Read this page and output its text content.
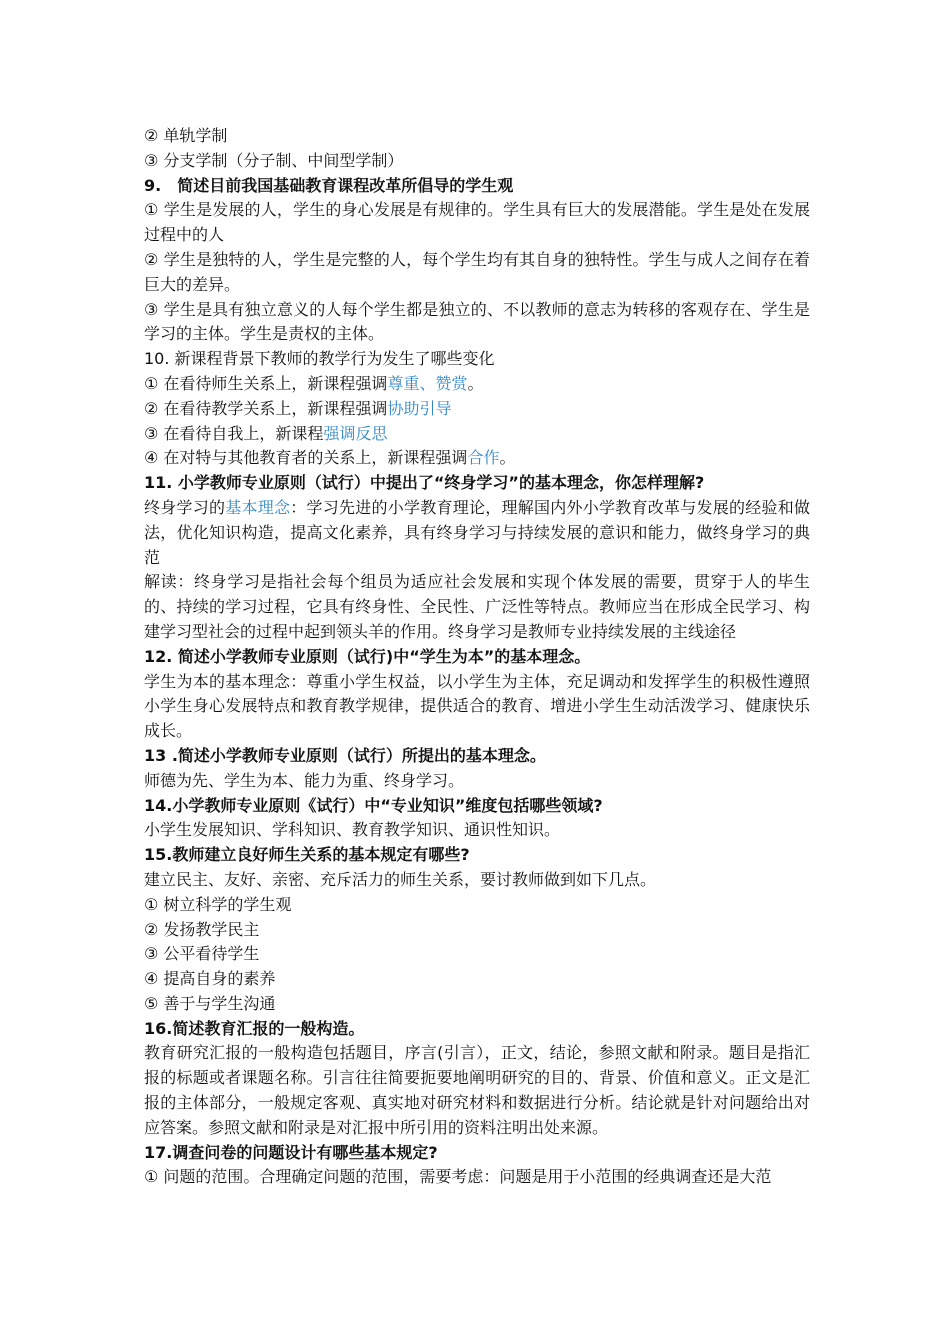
② 单轨学制

③ 分支学制（分子制、中间型学制）

9.　简述目前我国基础教育课程改革所倡导的学生观

① 学生是发展的人，学生的身心发展是有规律的。学生具有巨大的发展潜能。学生是处在发展过程中的人

② 学生是独特的人，学生是完整的人，每个学生均有其自身的独特性。学生与成人之间存在着巨大的差异。

③ 学生是具有独立意义的人每个学生都是独立的、不以教师的意志为转移的客观存在、学生是学习的主体。学生是责权的主体。

10. 新课程背景下教师的教学行为发生了哪些变化

① 在看待师生关系上，新课程强调尊重、赞赏。

② 在看待教学关系上，新课程强调协助引导

③ 在看待自我上，新课程强调反思

④ 在对特与其他教育者的关系上，新课程强调合作。

11. 小学教师专业原则（试行）中提出了“终身学习”的基本理念，你怎样理解?

终身学习的基本理念：学习先进的小学教育理论，理解国内外小学教育改革与发展的经验和做法，优化知识构造，提高文化素养，具有终身学习与持续发展的意识和能力，做终身学习的典范

解读：终身学习是指社会每个组员为适应社会发展和实现个体发展的需要，贯穿于人的毕生的、持续的学习过程，它具有终身性、全民性、广泛性等特点。教师应当在形成全民学习、构建学习型社会的过程中起到领头羊的作用。终身学习是教师专业持续发展的主线途径

12. 简述小学教师专业原则（试行)中“学生为本”的基本理念。

学生为本的基本理念：尊重小学生权益，以小学生为主体，充足调动和发挥学生的积极性遵照小学生身心发展特点和教育教学规律，提供适合的教育、增进小学生生动活泼学习、健康快乐成长。

13 .简述小学教师专业原则（试行）所提出的基本理念。

师德为先、学生为本、能力为重、终身学习。

14.小学教师专业原则《试行）中“专业知识”维度包括哪些领域?

小学生发展知识、学科知识、教育教学知识、通识性知识。

15.教师建立良好师生关系的基本规定有哪些?

建立民主、友好、亲密、充斥活力的师生关系，要讨教师做到如下几点。

① 树立科学的学生观

② 发扬教学民主

③ 公平看待学生

④ 提高自身的素养

⑤ 善于与学生沟通

16.简述教育汇报的一般构造。

教育研究汇报的一般构造包括题目，序言(引言），正文，结论，参照文献和附录。题目是指汇报的标题或者课题名称。引言往往简要扼要地阐明研究的目的、背景、价值和意义。正文是汇报的主体部分，一般规定客观、真实地对研究材料和数据进行分析。结论就是针对问题给出对应答案。参照文献和附录是对汇报中所引用的资料注明出处来源。

17.调查问卷的问题设计有哪些基本规定?

① 问题的范围。合理确定问题的范围，需要考虑：问题是用于小范围的经典调查还是大范
